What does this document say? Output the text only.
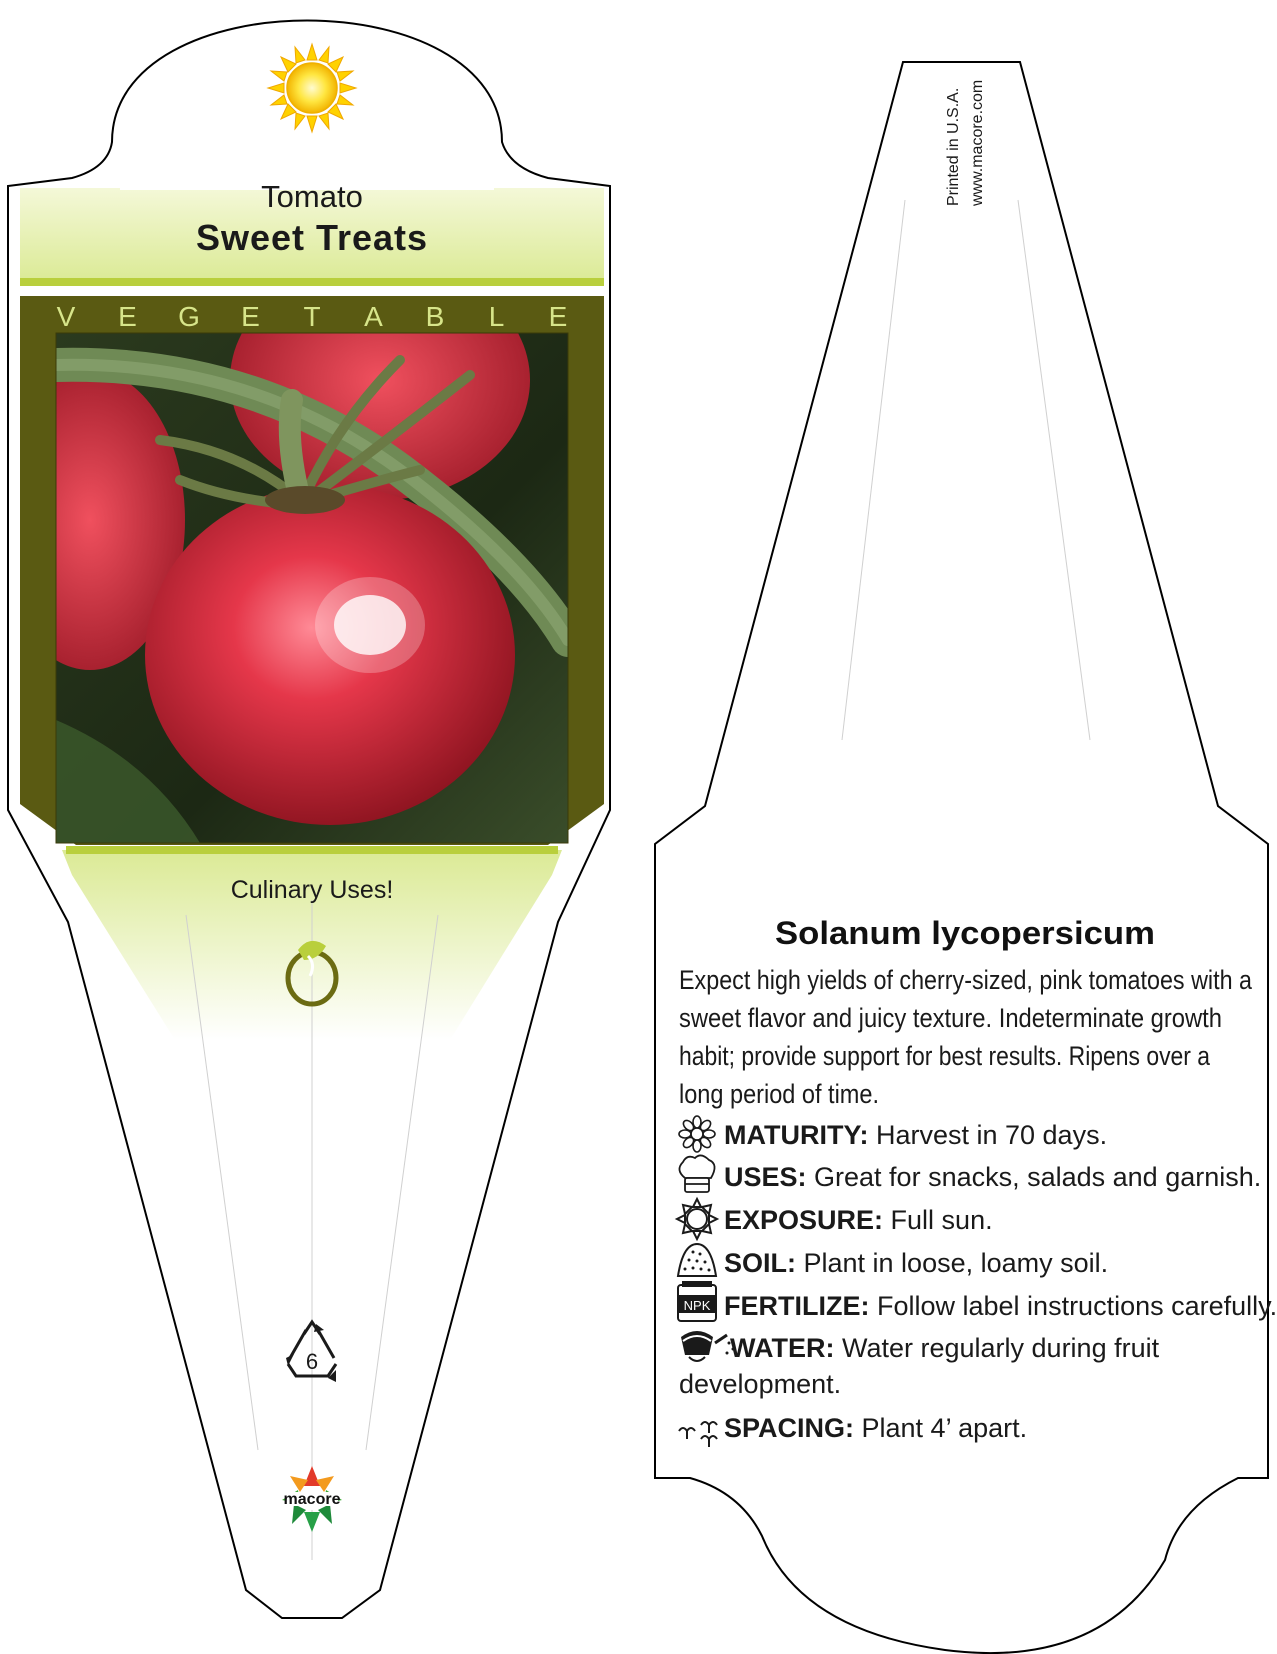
Tomato
Sweet Treats
V E G E T A B L E
Culinary Uses!
6
macore
Printed in U.S.A. www.macore.com
Solanum lycopersicum
Expect high yields of cherry-sized, pink tomatoes with a
sweet flavor and juicy texture. Indeterminate growth
habit; provide support for best results. Ripens over a
long period of time.
NPK
MATURITY: Harvest in 70 days.
USES: Great for snacks, salads and garnish.
EXPOSURE: Full sun.
SOIL: Plant in loose, loamy soil.
FERTILIZE: Follow label instructions carefully.
WATER: Water regularly during fruit
development.
SPACING: Plant 4’ apart.
